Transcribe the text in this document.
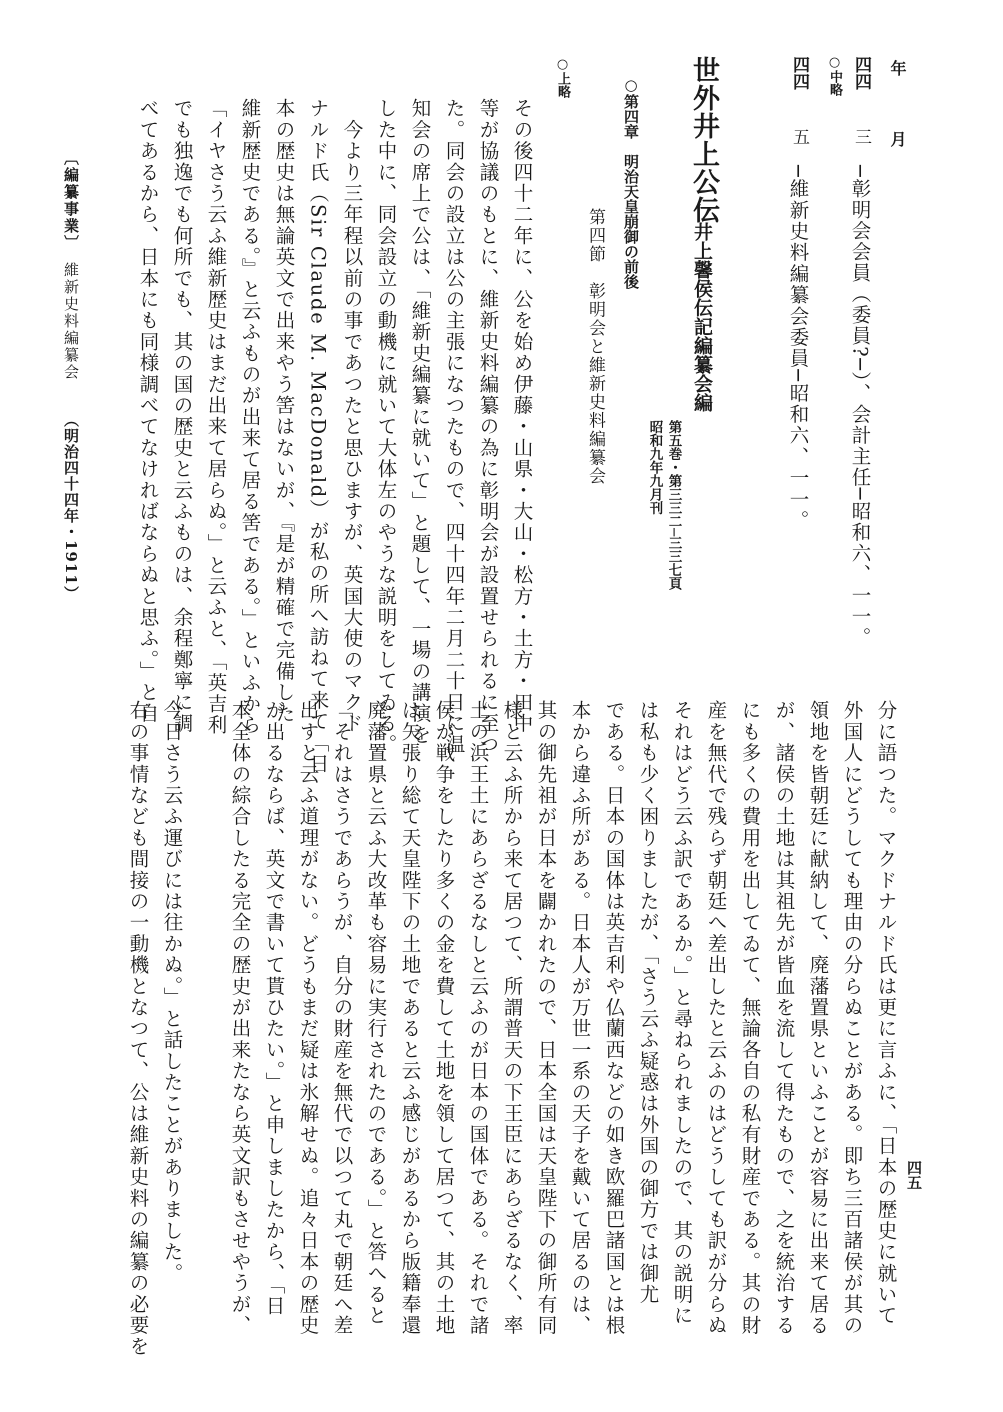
年
月
四四
三
─彰明会会員（委員?─）、会計主任─昭和六、一一。
○中略
四四
五
─維新史料編纂会委員─昭和六、一一。
世外井上公伝
井上馨侯伝記編纂会編
第五巻・第三三二─三三七頁
昭和九年九月刊
○第四章　明治天皇崩御の前後
第四節　彰明会と維新史料編纂会
○上略
その後四十二年に、公を始め伊藤・山県・大山・松方・土方・田中
等が協議のもとに、維新史料編纂の為に彰明会が設置せられるに至つ
た。同会の設立は公の主張になつたもので、四十四年二月二十日に温
知会の席上で公は、「維新史編纂に就いて」と題して、一場の講演を
した中に、同会設立の動機に就いて大体左のやうな説明をしてゐる。
　今より三年程以前の事であつたと思ひますが、英国大使のマクド
ナルド氏（Sir Claude M. MacDonald）が私の所へ訪ねて来て「日
本の歴史は無論英文で出来やう筈はないが、『是が精確で完備した
維新歴史である。』と云ふものが出来て居る筈である。」といふから
「イヤさう云ふ維新歴史はまだ出来て居らぬ。」と云ふと、「英吉利
でも独逸でも何所でも、其の国の歴史と云ふものは、余程鄭寧に調
べてあるから、日本にも同様調べてなければならぬと思ふ。」と自
〔編纂事業〕
維新史料編纂会
（明治四十四年・1911）
分に語つた。マクドナルド氏は更に言ふに、「日本の歴史に就いて
外国人にどうしても理由の分らぬことがある。即ち三百諸侯が其の
領地を皆朝廷に献納して、廃藩置県といふことが容易に出来て居る
が、諸侯の土地は其祖先が皆血を流して得たもので、之を統治する
にも多くの費用を出してゐて、無論各自の私有財産である。其の財
産を無代で残らず朝廷へ差出したと云ふのはどうしても訳が分らぬ
それはどう云ふ訳であるか。」と尋ねられましたので、其の説明に
は私も少く困りましたが、「さう云ふ疑惑は外国の御方では御尤
である。日本の国体は英吉利や仏蘭西などの如き欧羅巴諸国とは根
本から違ふ所がある。日本人が万世一系の天子を戴いて居るのは、
其の御先祖が日本を闢かれたので、日本全国は天皇陛下の御所有同
様と云ふ所から来て居つて、所謂普天の下王臣にあらざるなく、率
土の浜王土にあらざるなしと云ふのが日本の国体である。それで諸
侯が戦争をしたり多くの金を費して土地を領して居つて、其の土地
は矢張り総て天皇陛下の土地であると云ふ感じがあるから版籍奉還
廃藩置県と云ふ大改革も容易に実行されたのである。」と答へると
「それはさうであらうが、自分の財産を無代で以つて丸で朝廷へ差
出すと云ふ道理がない。どうもまだ疑は氷解せぬ。追々日本の歴史
が出るならば、英文で書いて貰ひたい。」と申しましたから、「日
本全体の綜合したる完全の歴史が出来たなら英文訳もさせやうが、
今日さう云ふ運びには往かぬ。」と話したことがありました。
右の事情なども間接の一動機となつて、公は維新史料の編纂の必要を	四五
